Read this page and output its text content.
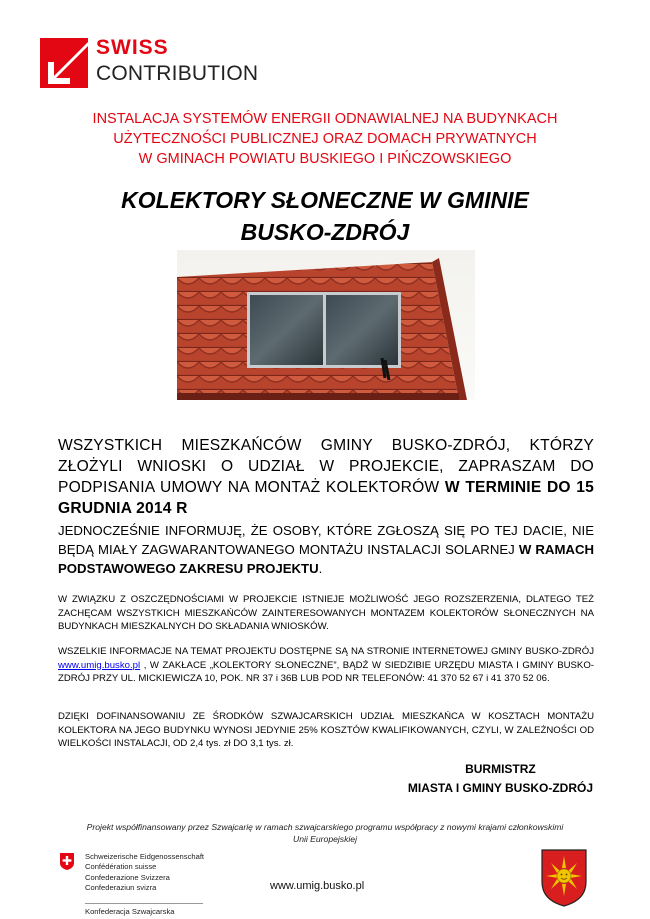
SWISS
CONTRIBUTION
INSTALACJA SYSTEMÓW ENERGII ODNAWIALNEJ NA BUDYNKACH
UŻYTECZNOŚCI PUBLICZNEJ ORAZ DOMACH PRYWATNYCH
W GMINACH POWIATU BUSKIEGO I PIŃCZOWSKIEGO
KOLEKTORY SŁONECZNE W GMINIE
BUSKO-ZDRÓJ
WSZYSTKICH MIESZKAŃCÓW GMINY BUSKO-ZDRÓJ, KTÓRZY ZŁOŻYLI WNIOSKI O UDZIAŁ W PROJEKCIE, ZAPRASZAM DO PODPISANIA UMOWY NA MONTAŻ KOLEKTORÓW W TERMINIE DO 15 GRUDNIA 2014 R
JEDNOCZEŚNIE INFORMUJĘ, ŻE OSOBY, KTÓRE ZGŁOSZĄ SIĘ PO TEJ DACIE, NIE BĘDĄ MIAŁY ZAGWARANTOWANEGO MONTAŻU INSTALACJI SOLARNEJ W RAMACH PODSTAWOWEGO ZAKRESU PROJEKTU.
W ZWIĄZKU Z OSZCZĘDNOŚCIAMI W PROJEKCIE ISTNIEJE MOŻLIWOŚĆ JEGO ROZSZERZENIA, DLATEGO TEŻ ZACHĘCAM WSZYSTKICH MIESZKAŃCÓW ZAINTERESOWANYCH MONTAZEM KOLEKTORÓW SŁONECZNYCH NA BUDYNKACH MIESZKALNYCH DO SKŁADANIA WNIOSKÓW.
WSZELKIE INFORMACJE NA TEMAT PROJEKTU DOSTĘPNE SĄ NA STRONIE INTERNETOWEJ GMINY BUSKO-ZDRÓJ www.umig.busko.pl , W ZAKŁACE „KOLEKTORY SŁONECZNE”, BĄDŹ W SIEDZIBIE URZĘDU MIASTA I GMINY BUSKO-ZDRÓJ PRZY UL. MICKIEWICZA 10, POK. NR 37 i 36B LUB POD NR TELEFONÓW: 41 370 52 67 i 41 370 52 06.
DZIĘKI DOFINANSOWANIU ZE ŚRODKÓW SZWAJCARSKICH UDZIAŁ MIESZKAŃCA W KOSZTACH MONTAŻU KOLEKTORA NA JEGO BUDYNKU WYNOSI JEDYNIE 25% KOSZTÓW KWALIFIKOWANYCH, CZYLI, W ZALEŻNOŚCI OD WIELKOŚCI INSTALACJI, OD 2,4 tys. zł DO 3,1 tys. zł.
BURMISTRZ
MIASTA I GMINY BUSKO-ZDRÓJ
Projekt współfinansowany przez Szwajcarię w ramach szwajcarskiego programu współpracy z nowymi krajami członkowskimi
Unii Europejskiej
Schweizerische Eidgenossenschaft
Confédération suisse
Confederazione Svizzera
Confederaziun svizra
Konfederacja Szwajcarska
www.umig.busko.pl
